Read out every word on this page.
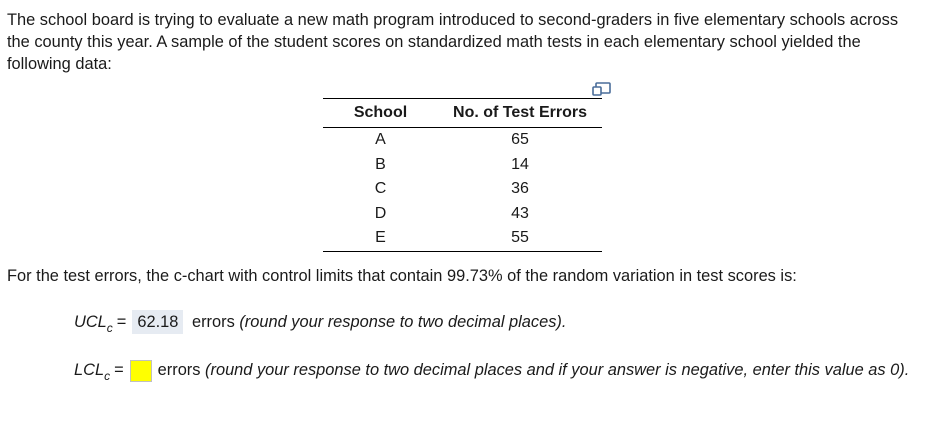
The school board is trying to evaluate a new math program introduced to second-graders in five elementary schools across the county this year. A sample of the student scores on standardized math tests in each elementary school yielded the following data:

School	No. of Test Errors
A	65
B	14
C	36
D	43
E	55

For the test errors, the c-chart with control limits that contain 99.73% of the random variation in test scores is:

$UCL_c = 62.18$ errors (round your response to two decimal places).
$LCL_c$ = errors (round your response to two decimal places and if your answer is negative, enter this value as 0).
